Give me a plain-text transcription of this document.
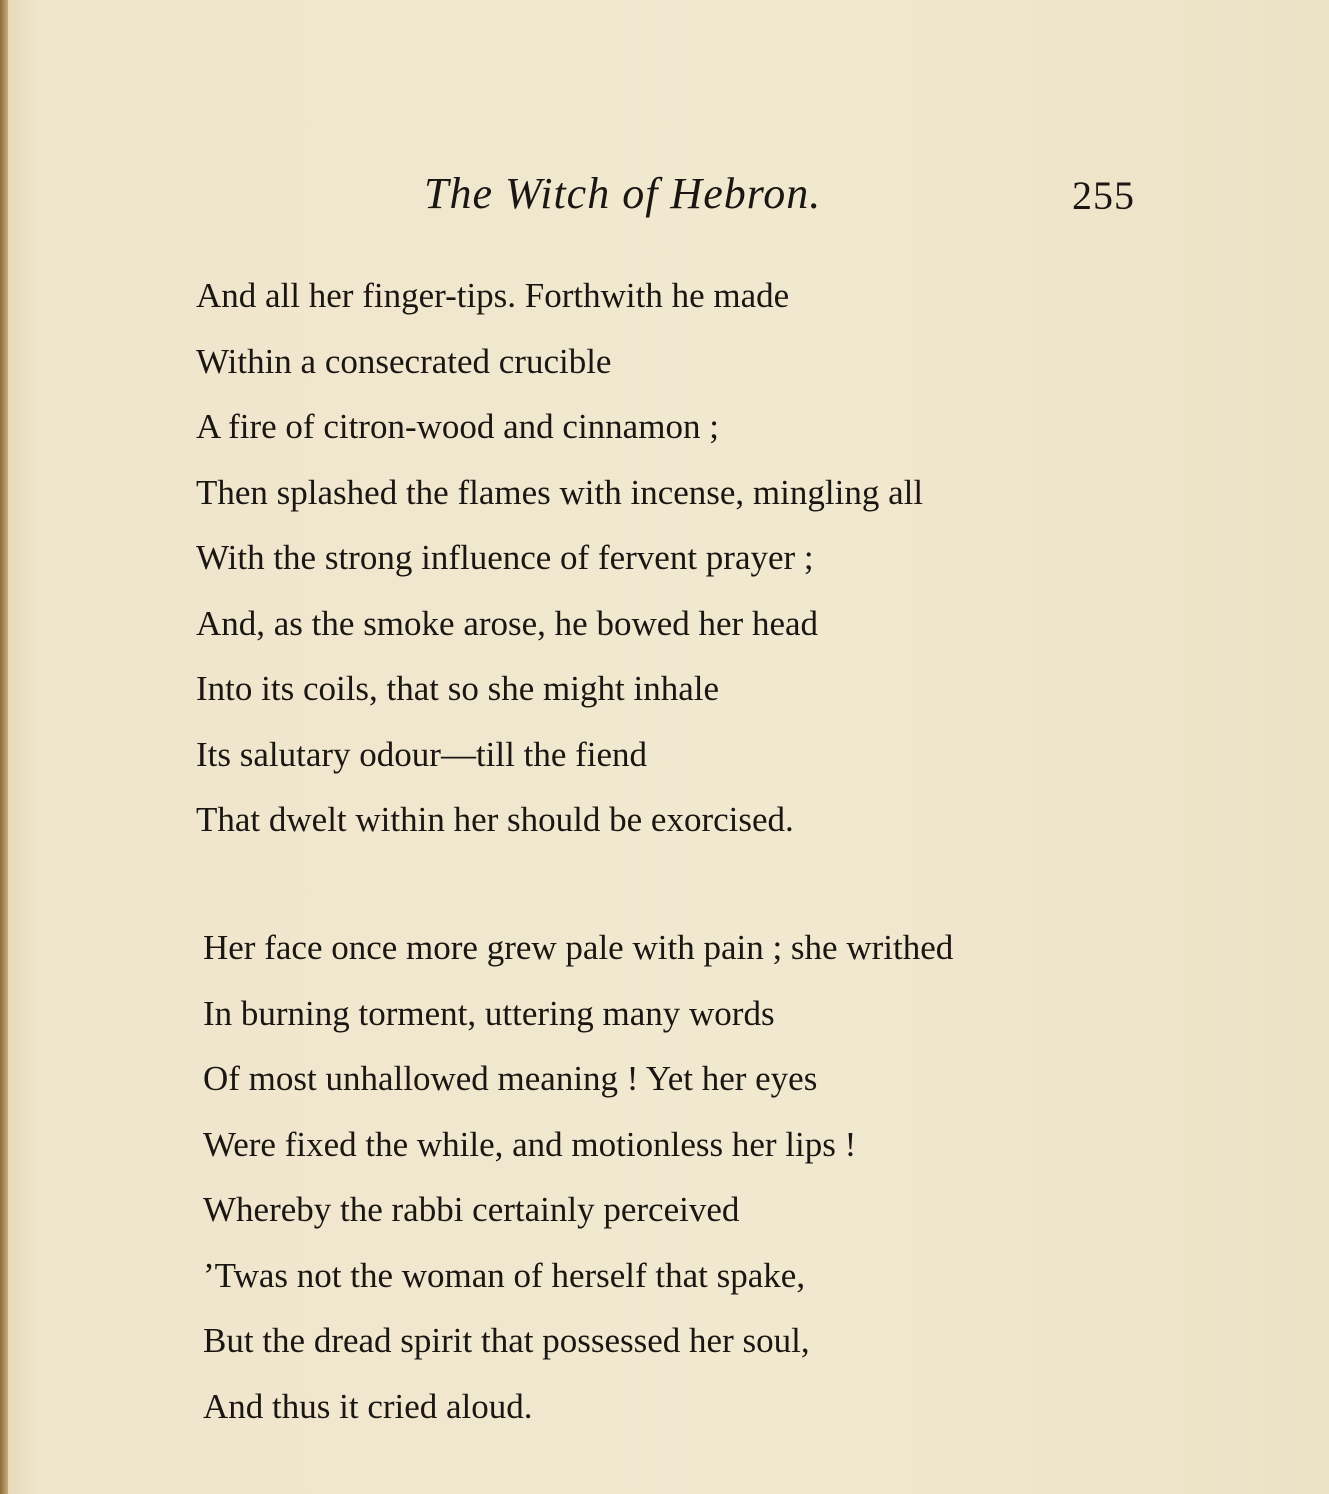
The Witch of Hebron.	255
And all her finger-tips. Forthwith he made
Within a consecrated crucible
A fire of citron-wood and cinnamon ;
Then splashed the flames with incense, mingling all
With the strong influence of fervent prayer ;
And, as the smoke arose, he bowed her head
Into its coils, that so she might inhale
Its salutary odour—till the fiend
That dwelt within her should be exorcised.
Her face once more grew pale with pain ; she writhed
In burning torment, uttering many words
Of most unhallowed meaning ! Yet her eyes
Were fixed the while, and motionless her lips !
Whereby the rabbi certainly perceived
’Twas not the woman of herself that spake,
But the dread spirit that possessed her soul,
And thus it cried aloud.
